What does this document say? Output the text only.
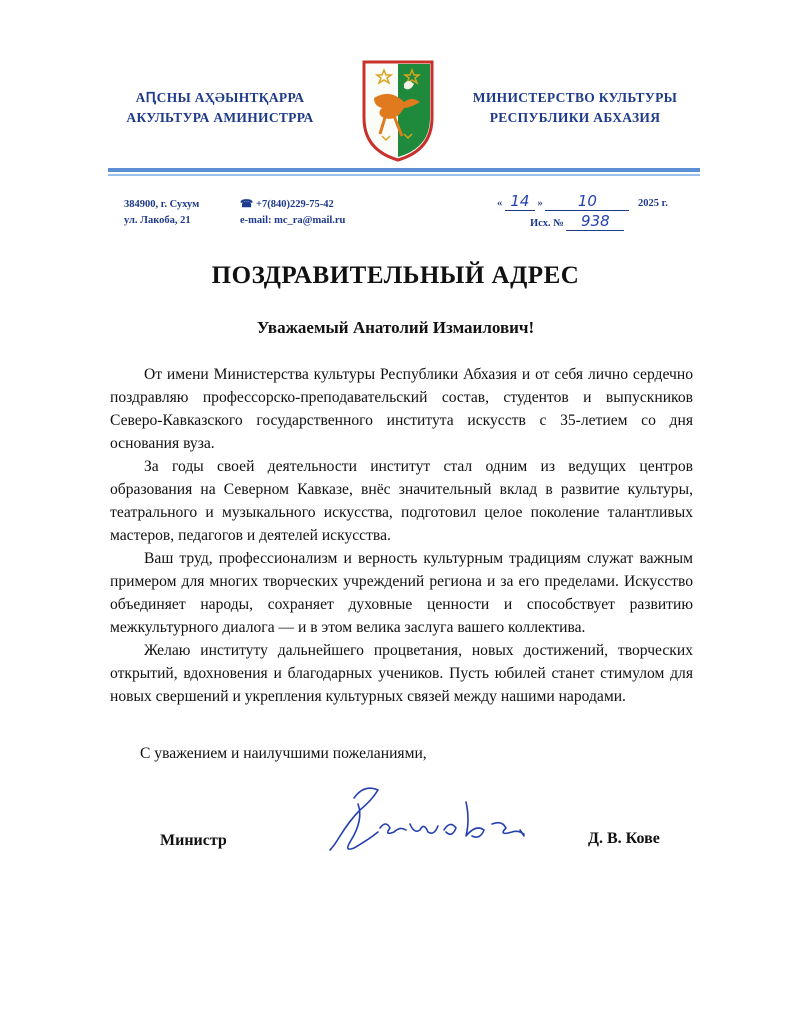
АԤСНЫ АҲӘЫНТҚАРРА
АКУЛЬТУРА АМИНИСТРРА
МИНИСТЕРСТВО КУЛЬТУРЫ
РЕСПУБЛИКИ АБХАЗИЯ
384900, г. Сухум
ул. Лакоба, 21
☎ +7(840)229-75-42
e-mail: mc_ra@mail.ru
« 14 » 10	2025 г.
Исх. № 938
ПОЗДРАВИТЕЛЬНЫЙ АДРЕС
Уважаемый Анатолий Измаилович!

От имени Министерства культуры Республики Абхазия и от себя лично сердечно поздравляю профессорско-преподавательский состав, студентов и выпускников Северо-Кавказского государственного института искусств с 35-летием со дня основания вуза.

За годы своей деятельности институт стал одним из ведущих центров образования на Северном Кавказе, внёс значительный вклад в развитие культуры, театрального и музыкального искусства, подготовил целое поколение талантливых мастеров, педагогов и деятелей искусства.

Ваш труд, профессионализм и верность культурным традициям служат важным примером для многих творческих учреждений региона и за его пределами. Искусство объединяет народы, сохраняет духовные ценности и способствует развитию межкультурного диалога — и в этом велика заслуга вашего коллектива.

Желаю институту дальнейшего процветания, новых достижений, творческих открытий, вдохновения и благодарных учеников. Пусть юбилей станет стимулом для новых свершений и укрепления культурных связей между нашими народами.

С уважением и наилучшими пожеланиями,
Министр	Д. В. Кове
